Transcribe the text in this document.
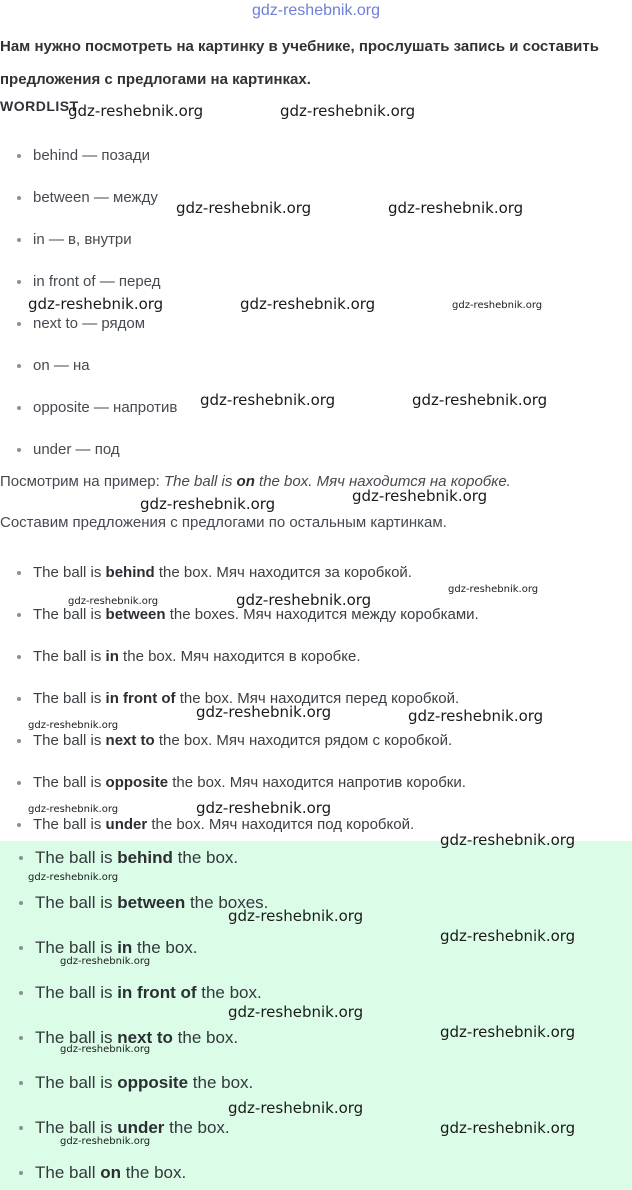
gdz-reshebnik.org
Нам нужно посмотреть на картинку в учебнике, прослушать запись и составить предложения с предлогами на картинках.
WORDLIST
behind — позади
between — между
in — в, внутри
in front of — перед
next to — рядом
on — на
opposite — напротив
under — под
Посмотрим на пример: The ball is on the box. Мяч находится на коробке.
Составим предложения с предлогами по остальным картинкам.
The ball is behind the box. Мяч находится за коробкой.
The ball is between the boxes. Мяч находится между коробками.
The ball is in the box. Мяч находится в коробке.
The ball is in front of the box. Мяч находится перед коробкой.
The ball is next to the box. Мяч находится рядом с коробкой.
The ball is opposite the box. Мяч находится напротив коробки.
The ball is under the box. Мяч находится под коробкой.
The ball is behind the box.
The ball is between the boxes.
The ball is in the box.
The ball is in front of the box.
The ball is next to the box.
The ball is opposite the box.
The ball is under the box.
The ball on the box.
gdz-reshebnik.org	gdz-reshebnik.org
gdz-reshebnik.org	gdz-reshebnik.org
gdz-reshebnik.org	gdz-reshebnik.org	gdz-reshebnik.org
gdz-reshebnik.org	gdz-reshebnik.org
gdz-reshebnik.org	gdz-reshebnik.org
gdz-reshebnik.org
gdz-reshebnik.org	gdz-reshebnik.org
gdz-reshebnik.org	gdz-reshebnik.org
gdz-reshebnik.org
gdz-reshebnik.org
gdz-reshebnik.org
gdz-reshebnik.org
gdz-reshebnik.org
gdz-reshebnik.org
gdz-reshebnik.org
gdz-reshebnik.org
gdz-reshebnik.org
gdz-reshebnik.org
gdz-reshebnik.org
gdz-reshebnik.org
gdz-reshebnik.org
gdz-reshebnik.org
